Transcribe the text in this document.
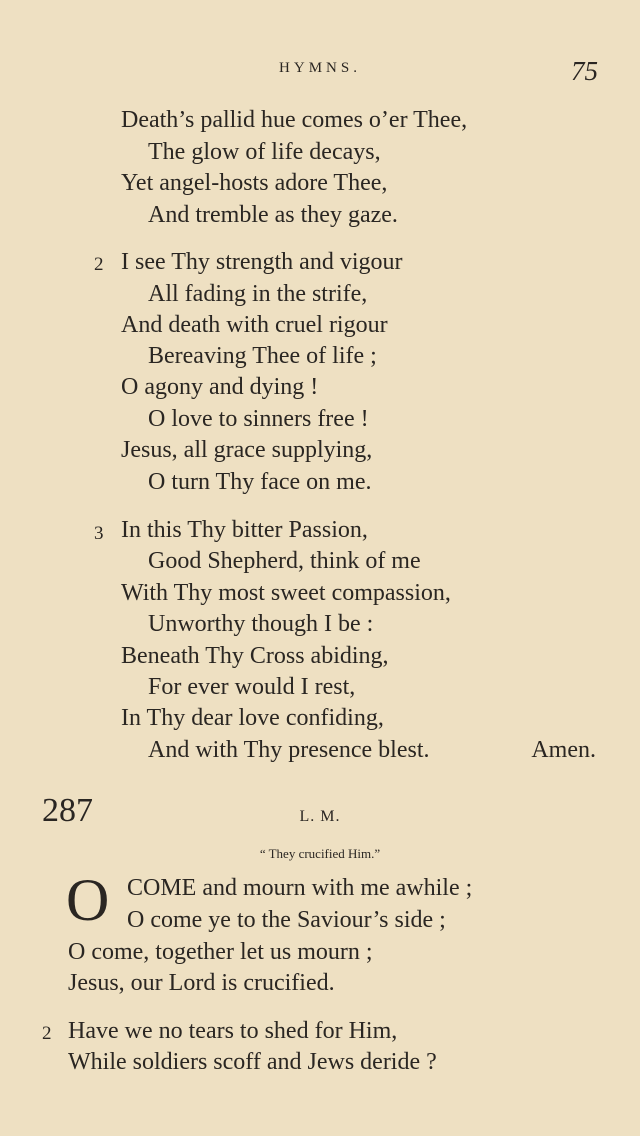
HYMNS.	75
Death’s pallid hue comes o’er Thee,
The glow of life decays,
Yet angel-hosts adore Thee,
And tremble as they gaze.
2 I see Thy strength and vigour
All fading in the strife,
And death with cruel rigour
Bereaving Thee of life ;
O agony and dying !
O love to sinners free !
Jesus, all grace supplying,
O turn Thy face on me.
3 In this Thy bitter Passion,
Good Shepherd, think of me
With Thy most sweet compassion,
Unworthy though I be :
Beneath Thy Cross abiding,
For ever would I rest,
In Thy dear love confiding,
And with Thy presence blest.	Amen.
287	L. M.
“ They crucified Him.”
O COME and mourn with me awhile ;
O come ye to the Saviour’s side ;
O come, together let us mourn ;
Jesus, our Lord is crucified.
2 Have we no tears to shed for Him,
While soldiers scoff and Jews deride ?
